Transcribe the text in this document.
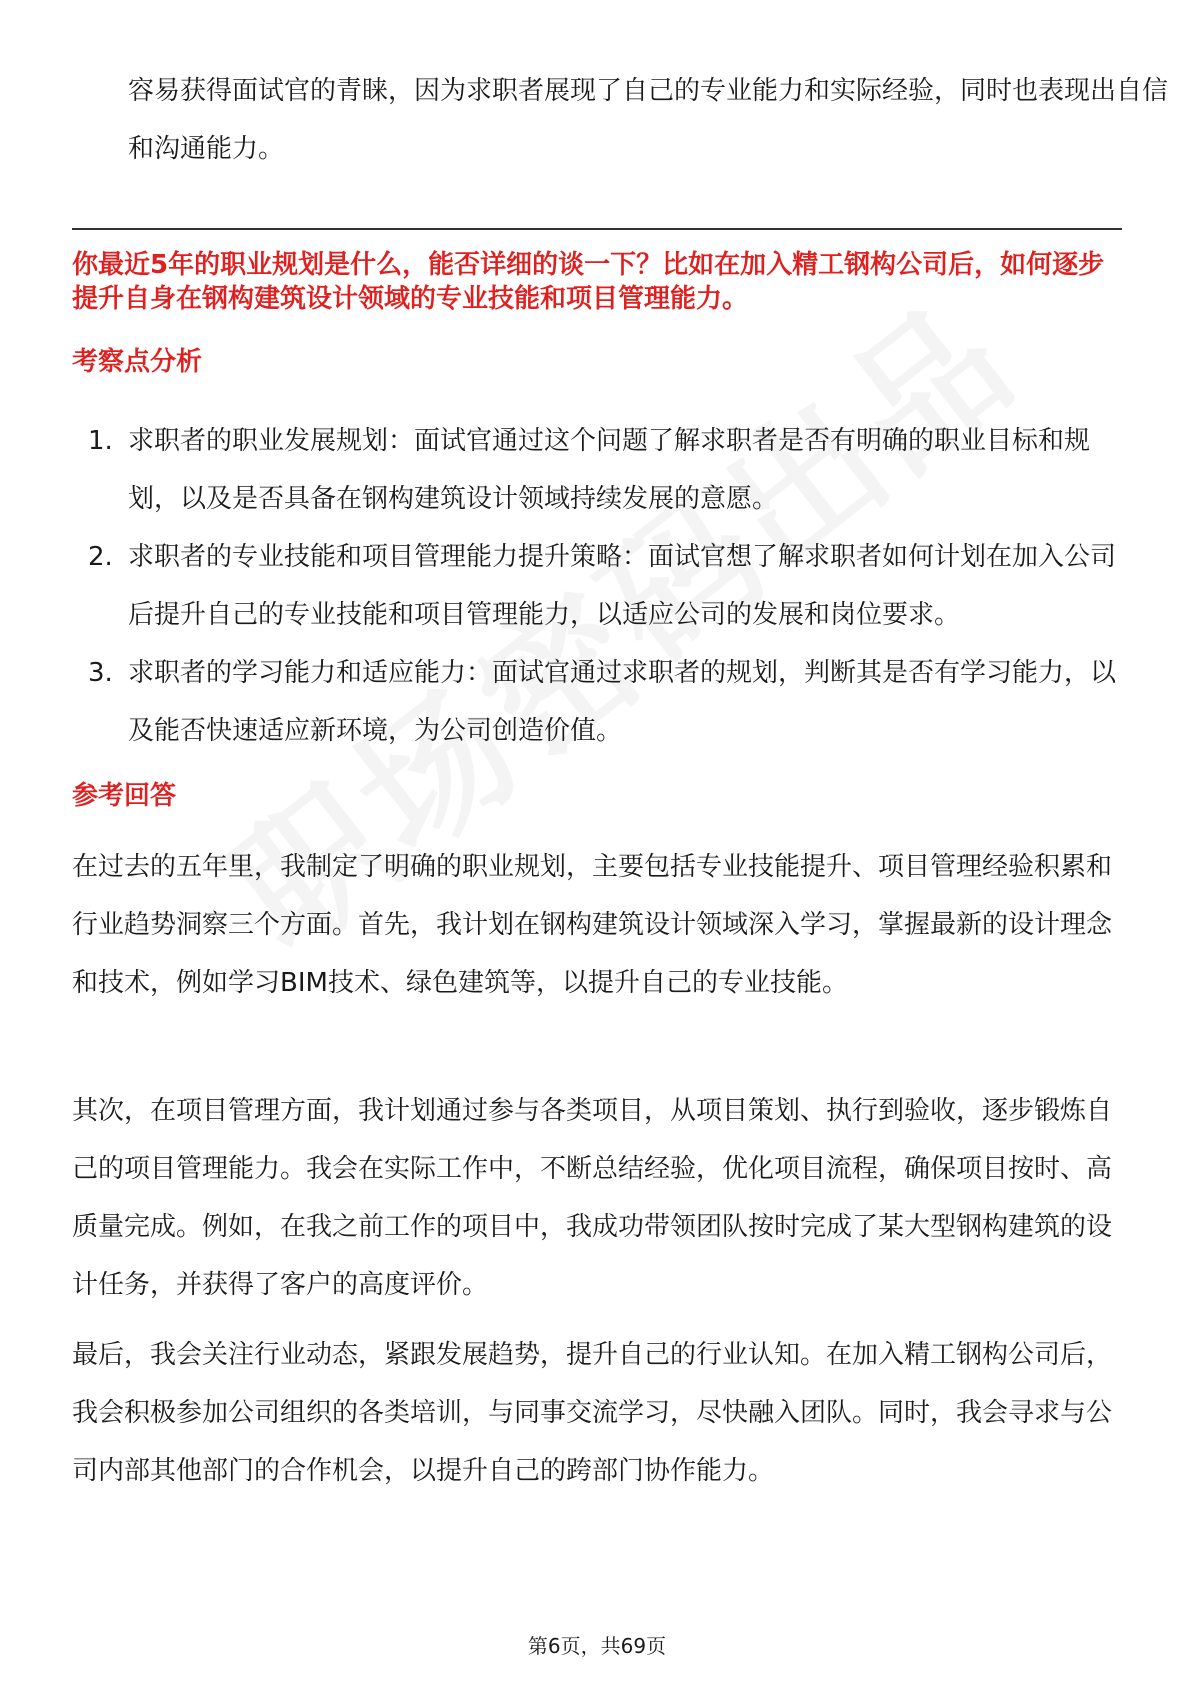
容易获得面试官的青睐，因为求职者展现了自己的专业能力和实际经验，同时也表现出自信和沟通能力。

你最近5年的职业规划是什么，能否详细的谈一下？比如在加入精工钢构公司后，如何逐步提升自身在钢构建筑设计领域的专业技能和项目管理能力。
考察点分析
1. 求职者的职业发展规划：面试官通过这个问题了解求职者是否有明确的职业目标和规划，以及是否具备在钢构建筑设计领域持续发展的意愿。
2. 求职者的专业技能和项目管理能力提升策略：面试官想了解求职者如何计划在加入公司后提升自己的专业技能和项目管理能力，以适应公司的发展和岗位要求。
3. 求职者的学习能力和适应能力：面试官通过求职者的规划，判断其是否有学习能力，以及能否快速适应新环境，为公司创造价值。
参考回答

在过去的五年里，我制定了明确的职业规划，主要包括专业技能提升、项目管理经验积累和行业趋势洞察三个方面。首先，我计划在钢构建筑设计领域深入学习，掌握最新的设计理念和技术，例如学习BIM技术、绿色建筑等，以提升自己的专业技能。

其次，在项目管理方面，我计划通过参与各类项目，从项目策划、执行到验收，逐步锻炼自己的项目管理能力。我会在实际工作中，不断总结经验，优化项目流程，确保项目按时、高质量完成。例如，在我之前工作的项目中，我成功带领团队按时完成了某大型钢构建筑的设计任务，并获得了客户的高度评价。

最后，我会关注行业动态，紧跟发展趋势，提升自己的行业认知。在加入精工钢构公司后，我会积极参加公司组织的各类培训，与同事交流学习，尽快融入团队。同时，我会寻求与公司内部其他部门的合作机会，以提升自己的跨部门协作能力。

第6页，共69页
